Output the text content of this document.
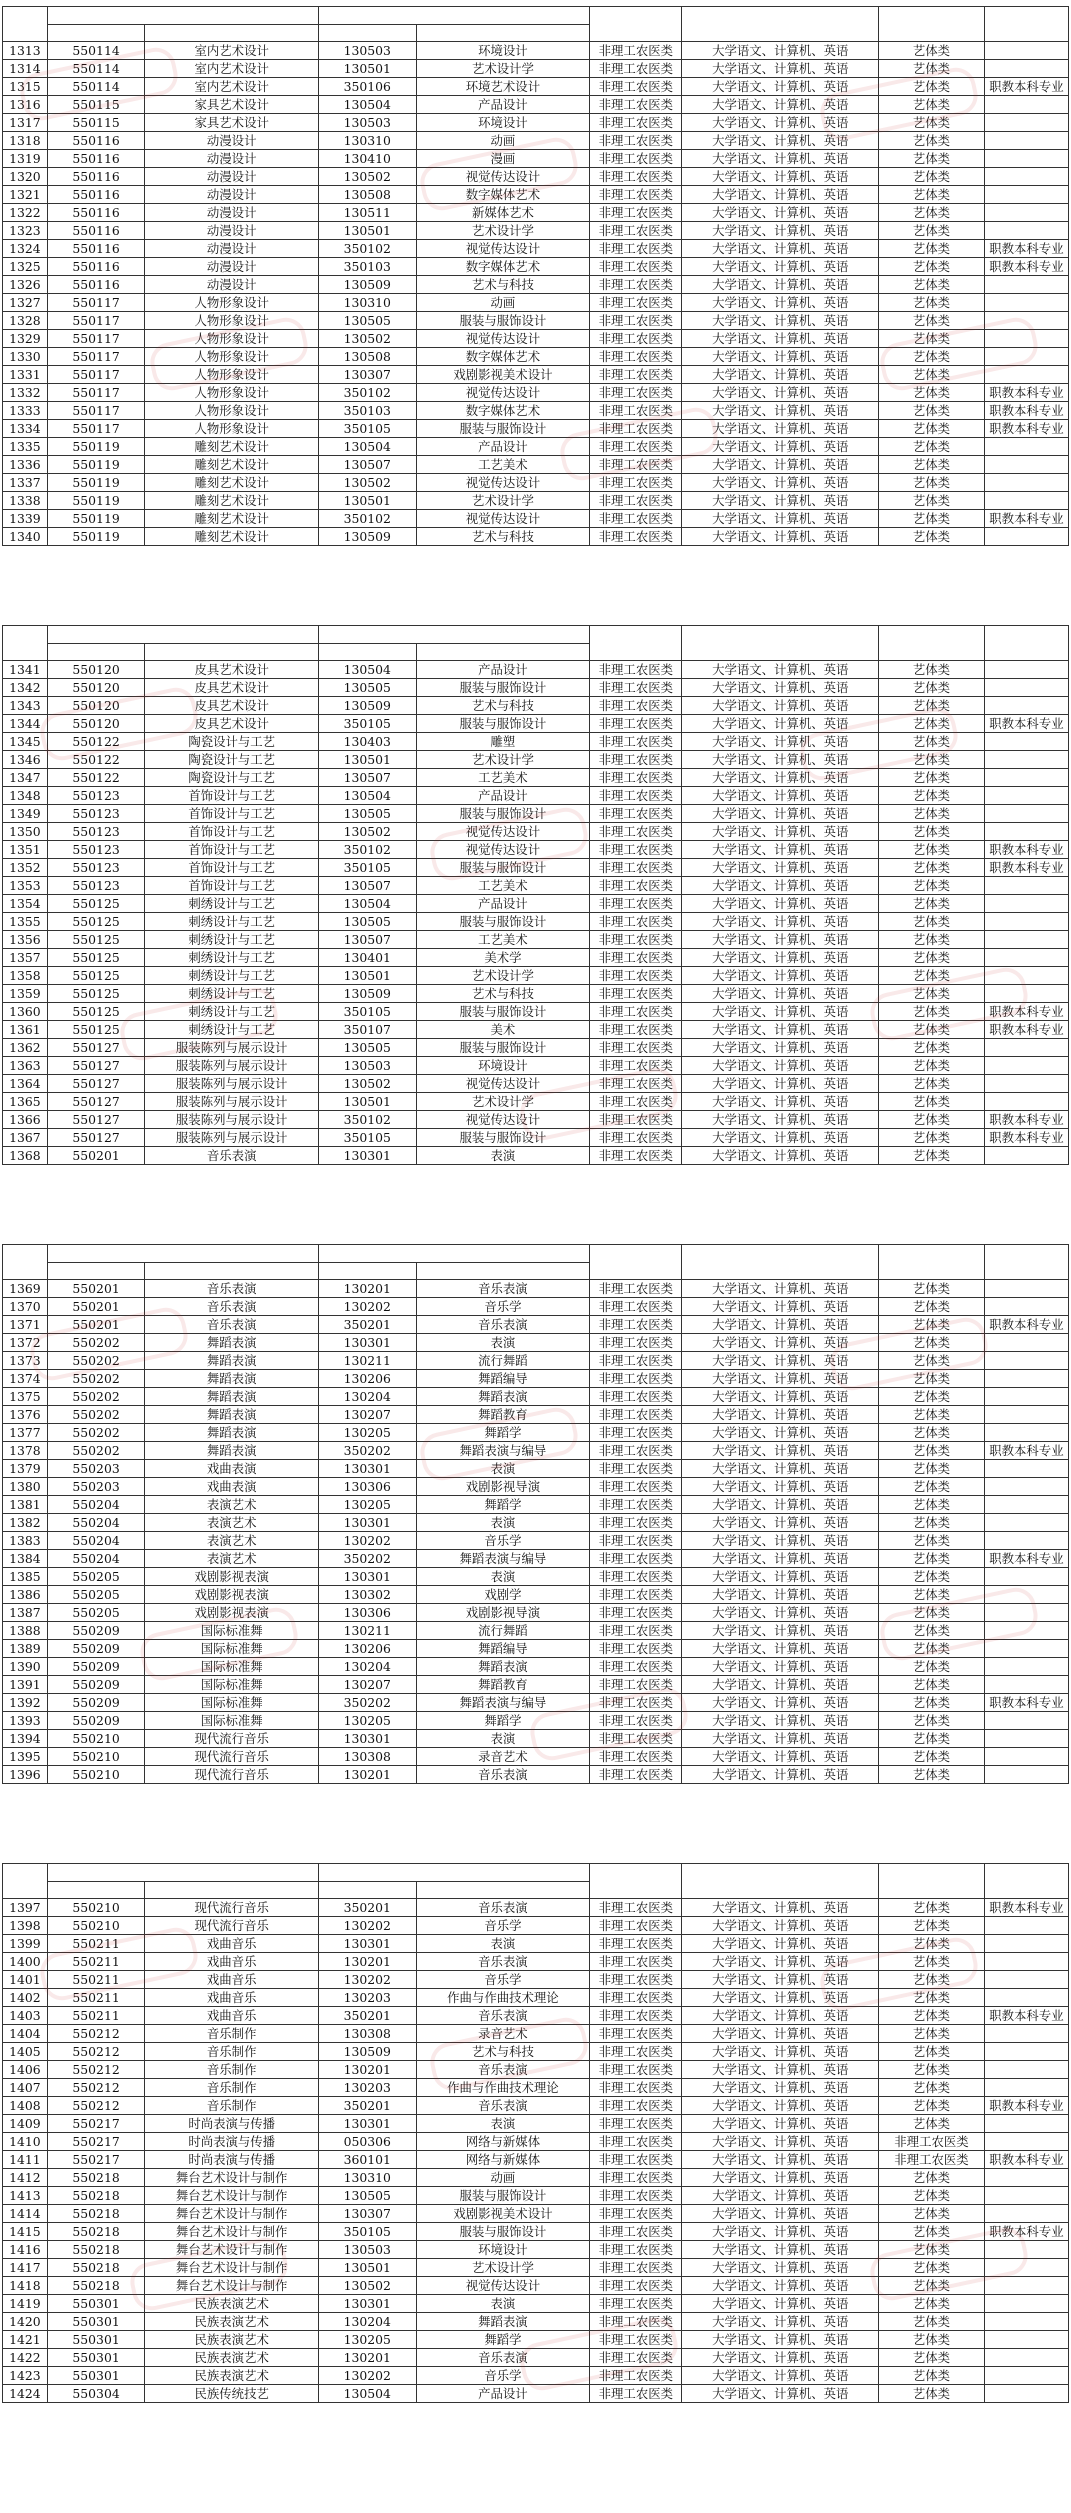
1313	550114	室内艺术设计	130503	环境设计	非理工农医类	大学语文、计算机、英语	艺体类	
1314	550114	室内艺术设计	130501	艺术设计学	非理工农医类	大学语文、计算机、英语	艺体类	
1315	550114	室内艺术设计	350106	环境艺术设计	非理工农医类	大学语文、计算机、英语	艺体类	职教本科专业
1316	550115	家具艺术设计	130504	产品设计	非理工农医类	大学语文、计算机、英语	艺体类	
1317	550115	家具艺术设计	130503	环境设计	非理工农医类	大学语文、计算机、英语	艺体类	
1318	550116	动漫设计	130310	动画	非理工农医类	大学语文、计算机、英语	艺体类	
1319	550116	动漫设计	130410	漫画	非理工农医类	大学语文、计算机、英语	艺体类	
1320	550116	动漫设计	130502	视觉传达设计	非理工农医类	大学语文、计算机、英语	艺体类	
1321	550116	动漫设计	130508	数字媒体艺术	非理工农医类	大学语文、计算机、英语	艺体类	
1322	550116	动漫设计	130511	新媒体艺术	非理工农医类	大学语文、计算机、英语	艺体类	
1323	550116	动漫设计	130501	艺术设计学	非理工农医类	大学语文、计算机、英语	艺体类	
1324	550116	动漫设计	350102	视觉传达设计	非理工农医类	大学语文、计算机、英语	艺体类	职教本科专业
1325	550116	动漫设计	350103	数字媒体艺术	非理工农医类	大学语文、计算机、英语	艺体类	职教本科专业
1326	550116	动漫设计	130509	艺术与科技	非理工农医类	大学语文、计算机、英语	艺体类	
1327	550117	人物形象设计	130310	动画	非理工农医类	大学语文、计算机、英语	艺体类	
1328	550117	人物形象设计	130505	服装与服饰设计	非理工农医类	大学语文、计算机、英语	艺体类	
1329	550117	人物形象设计	130502	视觉传达设计	非理工农医类	大学语文、计算机、英语	艺体类	
1330	550117	人物形象设计	130508	数字媒体艺术	非理工农医类	大学语文、计算机、英语	艺体类	
1331	550117	人物形象设计	130307	戏剧影视美术设计	非理工农医类	大学语文、计算机、英语	艺体类	
1332	550117	人物形象设计	350102	视觉传达设计	非理工农医类	大学语文、计算机、英语	艺体类	职教本科专业
1333	550117	人物形象设计	350103	数字媒体艺术	非理工农医类	大学语文、计算机、英语	艺体类	职教本科专业
1334	550117	人物形象设计	350105	服装与服饰设计	非理工农医类	大学语文、计算机、英语	艺体类	职教本科专业
1335	550119	雕刻艺术设计	130504	产品设计	非理工农医类	大学语文、计算机、英语	艺体类	
1336	550119	雕刻艺术设计	130507	工艺美术	非理工农医类	大学语文、计算机、英语	艺体类	
1337	550119	雕刻艺术设计	130502	视觉传达设计	非理工农医类	大学语文、计算机、英语	艺体类	
1338	550119	雕刻艺术设计	130501	艺术设计学	非理工农医类	大学语文、计算机、英语	艺体类	
1339	550119	雕刻艺术设计	350102	视觉传达设计	非理工农医类	大学语文、计算机、英语	艺体类	职教本科专业
1340	550119	雕刻艺术设计	130509	艺术与科技	非理工农医类	大学语文、计算机、英语	艺体类	

1341	550120	皮具艺术设计	130504	产品设计	非理工农医类	大学语文、计算机、英语	艺体类	
1342	550120	皮具艺术设计	130505	服装与服饰设计	非理工农医类	大学语文、计算机、英语	艺体类	
1343	550120	皮具艺术设计	130509	艺术与科技	非理工农医类	大学语文、计算机、英语	艺体类	
1344	550120	皮具艺术设计	350105	服装与服饰设计	非理工农医类	大学语文、计算机、英语	艺体类	职教本科专业
1345	550122	陶瓷设计与工艺	130403	雕塑	非理工农医类	大学语文、计算机、英语	艺体类	
1346	550122	陶瓷设计与工艺	130501	艺术设计学	非理工农医类	大学语文、计算机、英语	艺体类	
1347	550122	陶瓷设计与工艺	130507	工艺美术	非理工农医类	大学语文、计算机、英语	艺体类	
1348	550123	首饰设计与工艺	130504	产品设计	非理工农医类	大学语文、计算机、英语	艺体类	
1349	550123	首饰设计与工艺	130505	服装与服饰设计	非理工农医类	大学语文、计算机、英语	艺体类	
1350	550123	首饰设计与工艺	130502	视觉传达设计	非理工农医类	大学语文、计算机、英语	艺体类	
1351	550123	首饰设计与工艺	350102	视觉传达设计	非理工农医类	大学语文、计算机、英语	艺体类	职教本科专业
1352	550123	首饰设计与工艺	350105	服装与服饰设计	非理工农医类	大学语文、计算机、英语	艺体类	职教本科专业
1353	550123	首饰设计与工艺	130507	工艺美术	非理工农医类	大学语文、计算机、英语	艺体类	
1354	550125	刺绣设计与工艺	130504	产品设计	非理工农医类	大学语文、计算机、英语	艺体类	
1355	550125	刺绣设计与工艺	130505	服装与服饰设计	非理工农医类	大学语文、计算机、英语	艺体类	
1356	550125	刺绣设计与工艺	130507	工艺美术	非理工农医类	大学语文、计算机、英语	艺体类	
1357	550125	刺绣设计与工艺	130401	美术学	非理工农医类	大学语文、计算机、英语	艺体类	
1358	550125	刺绣设计与工艺	130501	艺术设计学	非理工农医类	大学语文、计算机、英语	艺体类	
1359	550125	刺绣设计与工艺	130509	艺术与科技	非理工农医类	大学语文、计算机、英语	艺体类	
1360	550125	刺绣设计与工艺	350105	服装与服饰设计	非理工农医类	大学语文、计算机、英语	艺体类	职教本科专业
1361	550125	刺绣设计与工艺	350107	美术	非理工农医类	大学语文、计算机、英语	艺体类	职教本科专业
1362	550127	服装陈列与展示设计	130505	服装与服饰设计	非理工农医类	大学语文、计算机、英语	艺体类	
1363	550127	服装陈列与展示设计	130503	环境设计	非理工农医类	大学语文、计算机、英语	艺体类	
1364	550127	服装陈列与展示设计	130502	视觉传达设计	非理工农医类	大学语文、计算机、英语	艺体类	
1365	550127	服装陈列与展示设计	130501	艺术设计学	非理工农医类	大学语文、计算机、英语	艺体类	
1366	550127	服装陈列与展示设计	350102	视觉传达设计	非理工农医类	大学语文、计算机、英语	艺体类	职教本科专业
1367	550127	服装陈列与展示设计	350105	服装与服饰设计	非理工农医类	大学语文、计算机、英语	艺体类	职教本科专业
1368	550201	音乐表演	130301	表演	非理工农医类	大学语文、计算机、英语	艺体类	

1369	550201	音乐表演	130201	音乐表演	非理工农医类	大学语文、计算机、英语	艺体类	
1370	550201	音乐表演	130202	音乐学	非理工农医类	大学语文、计算机、英语	艺体类	
1371	550201	音乐表演	350201	音乐表演	非理工农医类	大学语文、计算机、英语	艺体类	职教本科专业
1372	550202	舞蹈表演	130301	表演	非理工农医类	大学语文、计算机、英语	艺体类	
1373	550202	舞蹈表演	130211	流行舞蹈	非理工农医类	大学语文、计算机、英语	艺体类	
1374	550202	舞蹈表演	130206	舞蹈编导	非理工农医类	大学语文、计算机、英语	艺体类	
1375	550202	舞蹈表演	130204	舞蹈表演	非理工农医类	大学语文、计算机、英语	艺体类	
1376	550202	舞蹈表演	130207	舞蹈教育	非理工农医类	大学语文、计算机、英语	艺体类	
1377	550202	舞蹈表演	130205	舞蹈学	非理工农医类	大学语文、计算机、英语	艺体类	
1378	550202	舞蹈表演	350202	舞蹈表演与编导	非理工农医类	大学语文、计算机、英语	艺体类	职教本科专业
1379	550203	戏曲表演	130301	表演	非理工农医类	大学语文、计算机、英语	艺体类	
1380	550203	戏曲表演	130306	戏剧影视导演	非理工农医类	大学语文、计算机、英语	艺体类	
1381	550204	表演艺术	130205	舞蹈学	非理工农医类	大学语文、计算机、英语	艺体类	
1382	550204	表演艺术	130301	表演	非理工农医类	大学语文、计算机、英语	艺体类	
1383	550204	表演艺术	130202	音乐学	非理工农医类	大学语文、计算机、英语	艺体类	
1384	550204	表演艺术	350202	舞蹈表演与编导	非理工农医类	大学语文、计算机、英语	艺体类	职教本科专业
1385	550205	戏剧影视表演	130301	表演	非理工农医类	大学语文、计算机、英语	艺体类	
1386	550205	戏剧影视表演	130302	戏剧学	非理工农医类	大学语文、计算机、英语	艺体类	
1387	550205	戏剧影视表演	130306	戏剧影视导演	非理工农医类	大学语文、计算机、英语	艺体类	
1388	550209	国际标准舞	130211	流行舞蹈	非理工农医类	大学语文、计算机、英语	艺体类	
1389	550209	国际标准舞	130206	舞蹈编导	非理工农医类	大学语文、计算机、英语	艺体类	
1390	550209	国际标准舞	130204	舞蹈表演	非理工农医类	大学语文、计算机、英语	艺体类	
1391	550209	国际标准舞	130207	舞蹈教育	非理工农医类	大学语文、计算机、英语	艺体类	
1392	550209	国际标准舞	350202	舞蹈表演与编导	非理工农医类	大学语文、计算机、英语	艺体类	职教本科专业
1393	550209	国际标准舞	130205	舞蹈学	非理工农医类	大学语文、计算机、英语	艺体类	
1394	550210	现代流行音乐	130301	表演	非理工农医类	大学语文、计算机、英语	艺体类	
1395	550210	现代流行音乐	130308	录音艺术	非理工农医类	大学语文、计算机、英语	艺体类	
1396	550210	现代流行音乐	130201	音乐表演	非理工农医类	大学语文、计算机、英语	艺体类	

1397	550210	现代流行音乐	350201	音乐表演	非理工农医类	大学语文、计算机、英语	艺体类	职教本科专业
1398	550210	现代流行音乐	130202	音乐学	非理工农医类	大学语文、计算机、英语	艺体类	
1399	550211	戏曲音乐	130301	表演	非理工农医类	大学语文、计算机、英语	艺体类	
1400	550211	戏曲音乐	130201	音乐表演	非理工农医类	大学语文、计算机、英语	艺体类	
1401	550211	戏曲音乐	130202	音乐学	非理工农医类	大学语文、计算机、英语	艺体类	
1402	550211	戏曲音乐	130203	作曲与作曲技术理论	非理工农医类	大学语文、计算机、英语	艺体类	
1403	550211	戏曲音乐	350201	音乐表演	非理工农医类	大学语文、计算机、英语	艺体类	职教本科专业
1404	550212	音乐制作	130308	录音艺术	非理工农医类	大学语文、计算机、英语	艺体类	
1405	550212	音乐制作	130509	艺术与科技	非理工农医类	大学语文、计算机、英语	艺体类	
1406	550212	音乐制作	130201	音乐表演	非理工农医类	大学语文、计算机、英语	艺体类	
1407	550212	音乐制作	130203	作曲与作曲技术理论	非理工农医类	大学语文、计算机、英语	艺体类	
1408	550212	音乐制作	350201	音乐表演	非理工农医类	大学语文、计算机、英语	艺体类	职教本科专业
1409	550217	时尚表演与传播	130301	表演	非理工农医类	大学语文、计算机、英语	艺体类	
1410	550217	时尚表演与传播	050306	网络与新媒体	非理工农医类	大学语文、计算机、英语	非理工农医类	
1411	550217	时尚表演与传播	360101	网络与新媒体	非理工农医类	大学语文、计算机、英语	非理工农医类	职教本科专业
1412	550218	舞台艺术设计与制作	130310	动画	非理工农医类	大学语文、计算机、英语	艺体类	
1413	550218	舞台艺术设计与制作	130505	服装与服饰设计	非理工农医类	大学语文、计算机、英语	艺体类	
1414	550218	舞台艺术设计与制作	130307	戏剧影视美术设计	非理工农医类	大学语文、计算机、英语	艺体类	
1415	550218	舞台艺术设计与制作	350105	服装与服饰设计	非理工农医类	大学语文、计算机、英语	艺体类	职教本科专业
1416	550218	舞台艺术设计与制作	130503	环境设计	非理工农医类	大学语文、计算机、英语	艺体类	
1417	550218	舞台艺术设计与制作	130501	艺术设计学	非理工农医类	大学语文、计算机、英语	艺体类	
1418	550218	舞台艺术设计与制作	130502	视觉传达设计	非理工农医类	大学语文、计算机、英语	艺体类	
1419	550301	民族表演艺术	130301	表演	非理工农医类	大学语文、计算机、英语	艺体类	
1420	550301	民族表演艺术	130204	舞蹈表演	非理工农医类	大学语文、计算机、英语	艺体类	
1421	550301	民族表演艺术	130205	舞蹈学	非理工农医类	大学语文、计算机、英语	艺体类	
1422	550301	民族表演艺术	130201	音乐表演	非理工农医类	大学语文、计算机、英语	艺体类	
1423	550301	民族表演艺术	130202	音乐学	非理工农医类	大学语文、计算机、英语	艺体类	
1424	550304	民族传统技艺	130504	产品设计	非理工农医类	大学语文、计算机、英语	艺体类	
